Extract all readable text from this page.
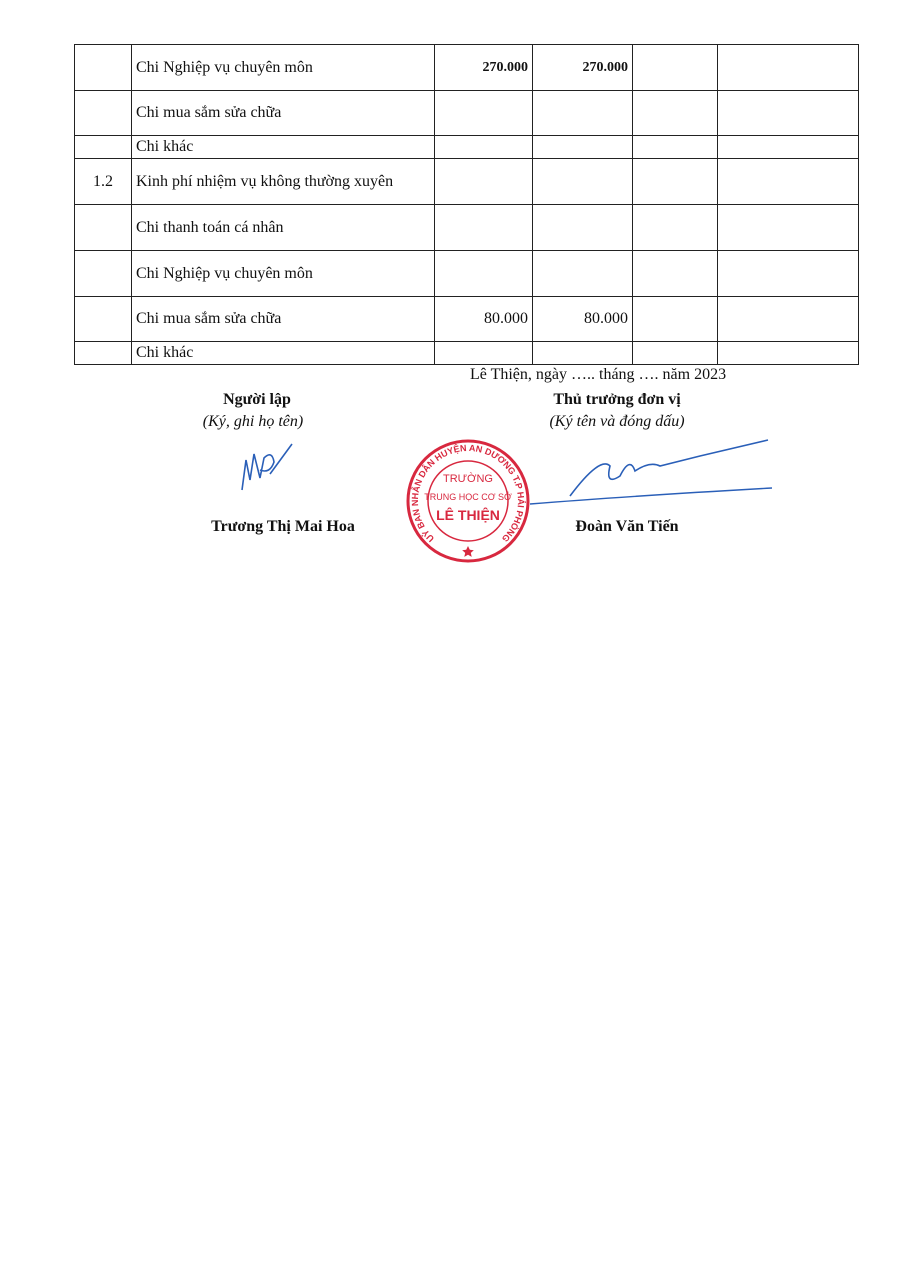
	Chi Nghiệp vụ chuyên môn	270.000	270.000		
	Chi mua sắm sửa chữa				
	Chi khác				
1.2	Kinh phí nhiệm vụ không thường xuyên				
	Chi thanh toán cá nhân				
	Chi Nghiệp vụ chuyên môn				
	Chi mua sắm sửa chữa	80.000	80.000		
	Chi khác				
Lê Thiện, ngày ….. tháng …. năm 2023
Người lập
(Ký, ghi họ tên)
Trương Thị Mai Hoa
Thủ trưởng đơn vị
(Ký tên và đóng dấu)
Đoàn Văn Tiến
UỶ BAN NHÂN DÂN HUYỆN AN DƯƠNG T.P HẢI PHÒNG
TRƯỜNG
TRUNG HỌC CƠ SỞ
LÊ THIỆN
